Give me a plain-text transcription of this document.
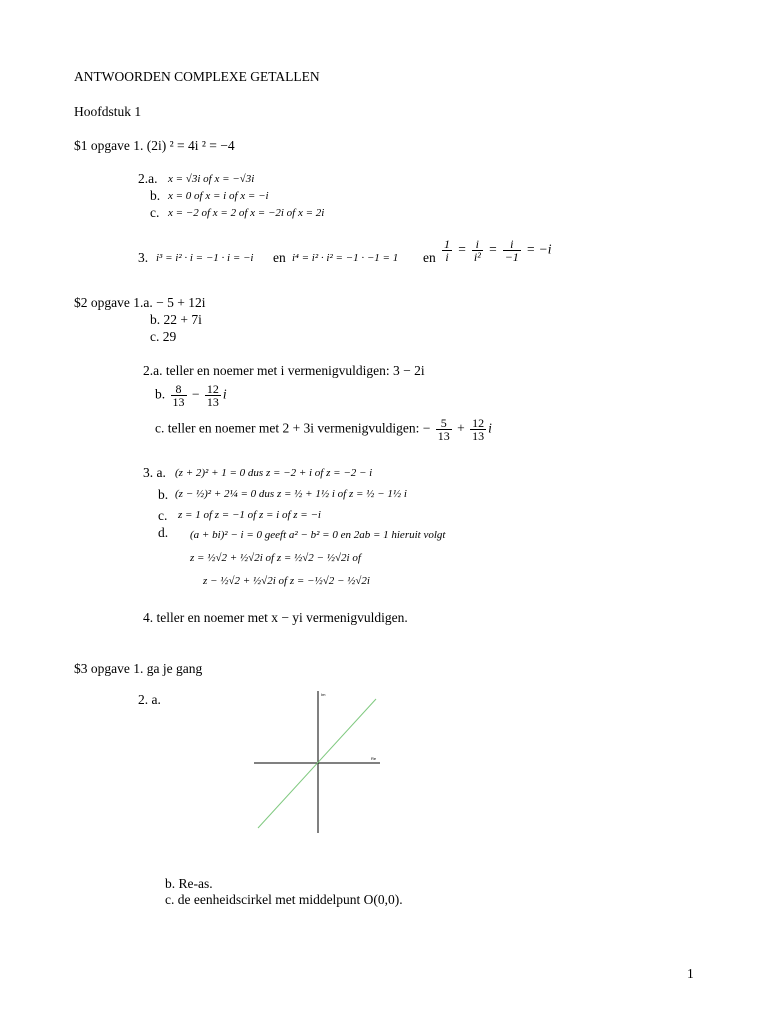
ANTWOORDEN COMPLEXE GETALLEN
Hoofdstuk 1
$1 opgave 1. (2i) ² = 4i ² = −4
2.a. x = √3i of x = −√3i
b. x = 0 of x = i of x = −i
c. x = −2 of x = 2 of x = −2i of x = 2i
3. i³ = i² · i = −1 · i = −i en i⁴ = i² · i² = −1 · −1 = 1 en $\frac{1}{i} = \frac{i}{\text{i²}} = \frac{i}{-1} = -i$
$2 opgave 1.a. − 5 + 12i
b. 22 + 7i
c. 29
2.a. teller en noemer met i vermenigvuldigen: 3 − 2i
b. $\frac{8}{13} - \frac{12}{13}$ i
c. teller en noemer met 2 + 3i vermenigvuldigen: − $\frac{5}{13} + \frac{12}{13}$ i
3. a. (z + 2)² + 1 = 0 dus z = −2 + i of z = −2 − i
b. (z − ½)² + 2¼ = 0 dus z = ½ + 1½ i of z = ½ − 1½ i
c. z = 1 of z = −1 of z = i of z = −i
d. (a + bi)² − i = 0 geeft a² − b² = 0 en 2ab = 1 hieruit volgt
z = ½√2 + ½√2i of z = ½√2 − ½√2i of
z − ½√2 + ½√2i of z = −½√2 − ½√2i
4. teller en noemer met x − yi vermenigvuldigen.
$3 opgave 1. ga je gang
2. a.	Im
Re
b. Re-as.
c. de eenheidscirkel met middelpunt O(0,0).
1
